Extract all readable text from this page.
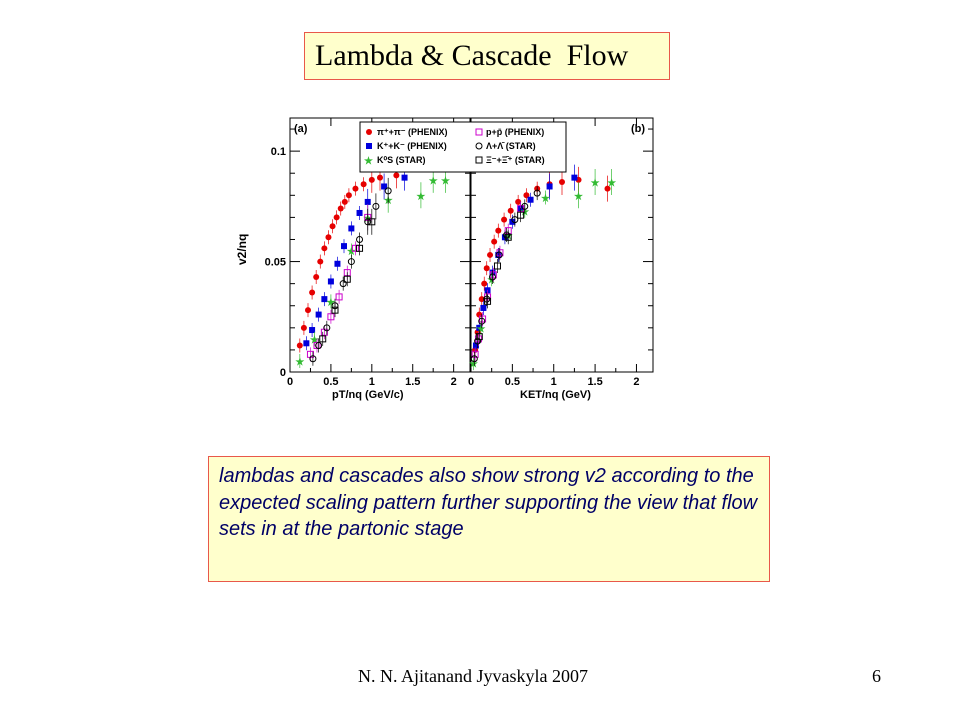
Lambda & Cascade  Flow
0	0.5	1	1.5	2
0
0.05
0.1
★
★
★
★
★
★ ★
★ ★
0	0.5	1	1.5	2
★
★
★
★
★
★ ★
★ ★
(a)	(b)
pT/nq (GeV/c)	KET/nq (GeV)
v2/nq
π⁺+π⁻ (PHENIX)	p+p̄ (PHENIX)
K⁺+K⁻ (PHENIX)	Λ+Λ̄ (STAR)
★ K⁰S (STAR)	Ξ⁻+Ξ̄⁺ (STAR)
lambdas and cascades also show strong v2 according to the expected scaling pattern further supporting the view that flow sets in at the partonic stage
N. N. Ajitanand Jyvaskyla 2007	6
